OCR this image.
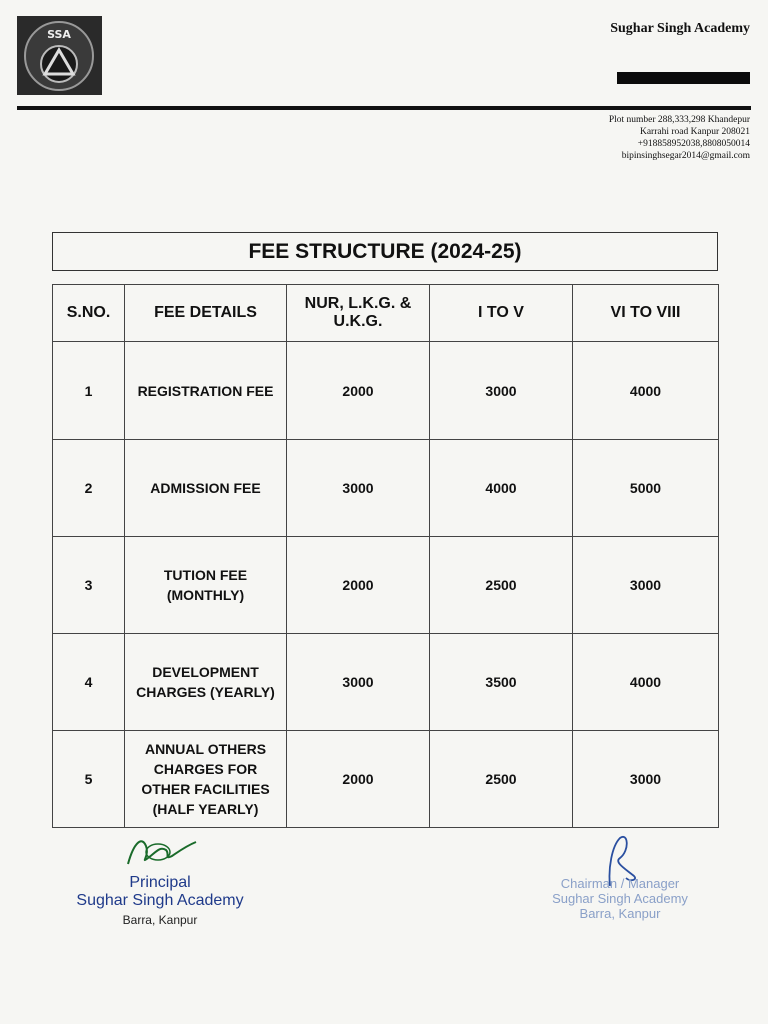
SSA	Sughar Singh Academy
Plot number 288,333,298 Khandepur
Karrahi road Kanpur 208021
+918858952038,8808050014
bipinsinghsegar2014@gmail.com
FEE STRUCTURE (2024-25)
S.NO.	FEE DETAILS	NUR, L.K.G. & U.K.G.	I TO V	VI TO VIII
1	REGISTRATION FEE	2000	3000	4000
2	ADMISSION FEE	3000	4000	5000
3	TUTION FEE (MONTHLY)	2000	2500	3000
4	DEVELOPMENT CHARGES (YEARLY)	3000	3500	4000
5	ANNUAL OTHERS CHARGES FOR OTHER FACILITIES (HALF YEARLY)	2000	2500	3000
Principal
Sughar Singh Academy
Barra, Kanpur
Chairman / Manager
Sughar Singh Academy
Barra, Kanpur
